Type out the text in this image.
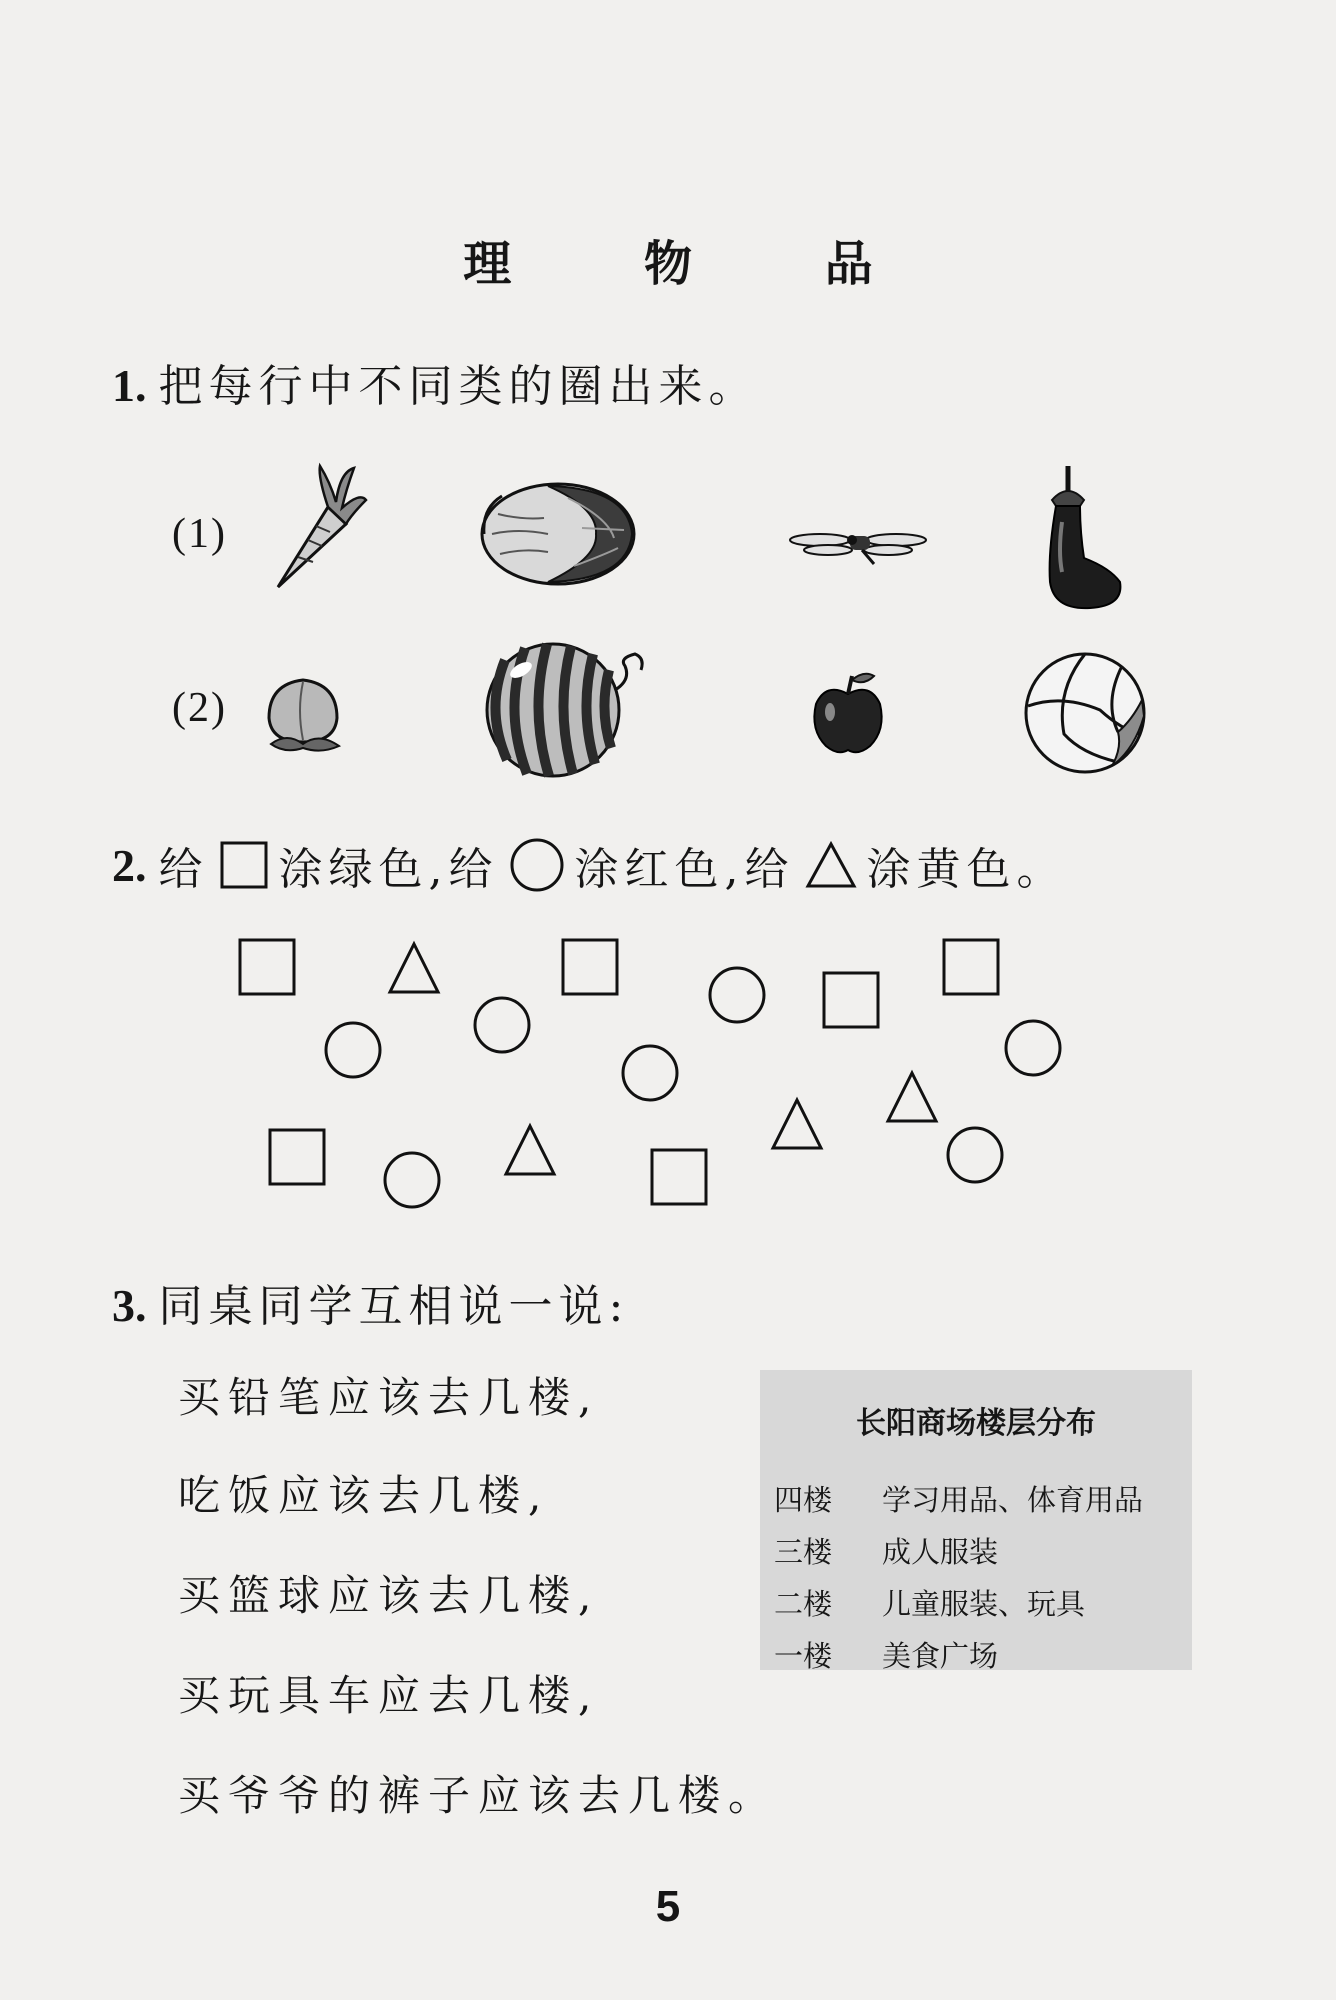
理 物 品
1. 把每行中不同类的圈出来。
(1)
(2)
2. 给 涂绿色,给 涂红色,给 涂黄色。
3. 同桌同学互相说一说:
买铅笔应该去几楼,
吃饭应该去几楼,
买篮球应该去几楼,
买玩具车应去几楼,
买爷爷的裤子应该去几楼。
长阳商场楼层分布
四楼 学习用品、体育用品
三楼 成人服装
二楼 儿童服装、玩具
一楼 美食广场
5
